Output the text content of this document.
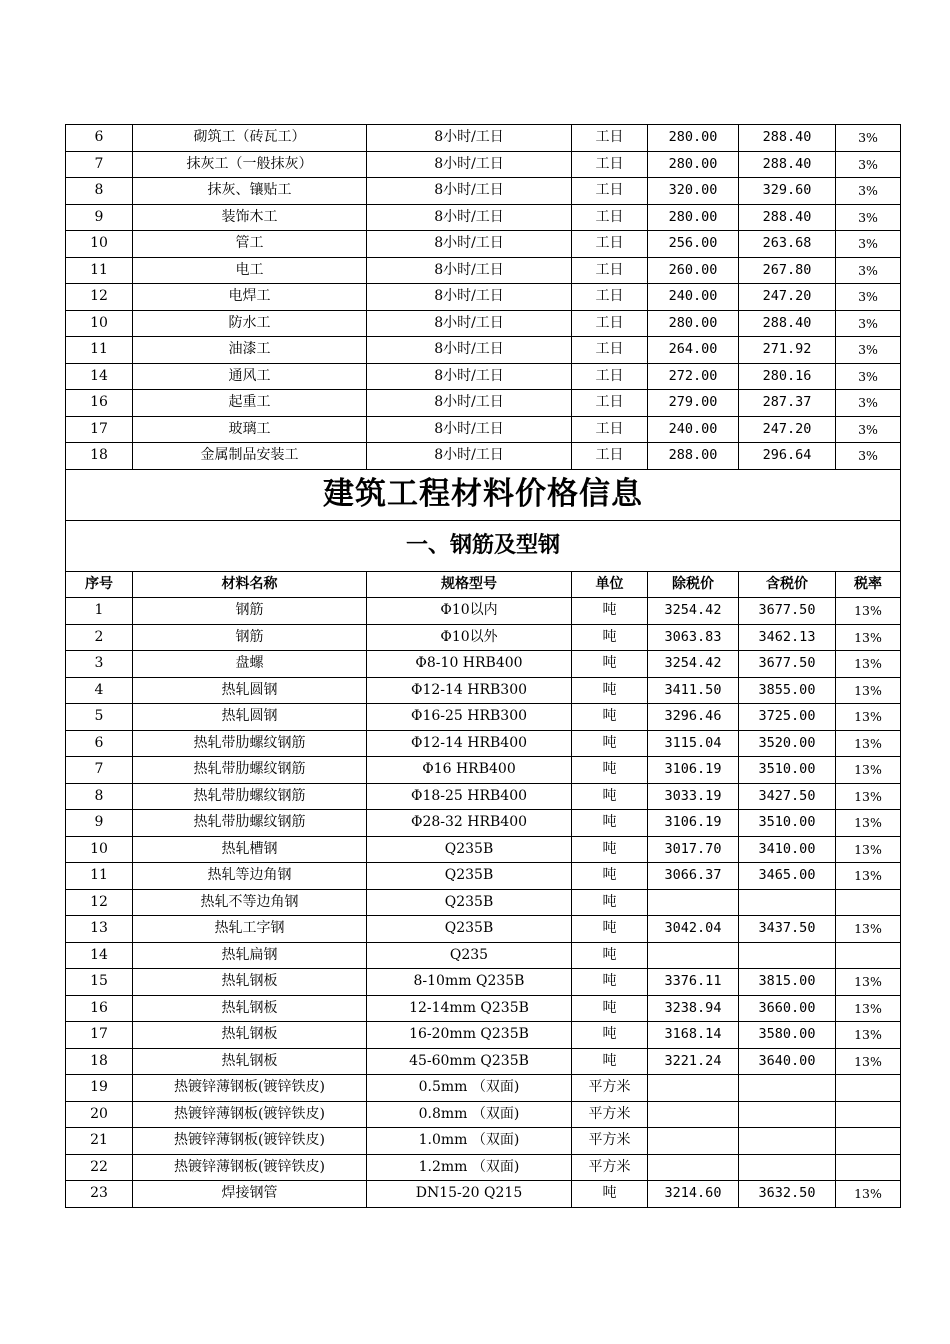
6	砌筑工（砖瓦工）	8小时/工日	工日	280.00	288.40	3%
7	抹灰工（一般抹灰）	8小时/工日	工日	280.00	288.40	3%
8	抹灰、镶贴工	8小时/工日	工日	320.00	329.60	3%
9	装饰木工	8小时/工日	工日	280.00	288.40	3%
10	管工	8小时/工日	工日	256.00	263.68	3%
11	电工	8小时/工日	工日	260.00	267.80	3%
12	电焊工	8小时/工日	工日	240.00	247.20	3%
10	防水工	8小时/工日	工日	280.00	288.40	3%
11	油漆工	8小时/工日	工日	264.00	271.92	3%
14	通风工	8小时/工日	工日	272.00	280.16	3%
16	起重工	8小时/工日	工日	279.00	287.37	3%
17	玻璃工	8小时/工日	工日	240.00	247.20	3%
18	金属制品安装工	8小时/工日	工日	288.00	296.64	3%
建筑工程材料价格信息						
一、钢筋及型钢						
序号	材料名称	规格型号	单位	除税价	含税价	税率
1	钢筋	Φ10以内	吨	3254.42	3677.50	13%
2	钢筋	Φ10以外	吨	3063.83	3462.13	13%
3	盘螺	Φ8-10 HRB400	吨	3254.42	3677.50	13%
4	热轧圆钢	Φ12-14 HRB300	吨	3411.50	3855.00	13%
5	热轧圆钢	Φ16-25 HRB300	吨	3296.46	3725.00	13%
6	热轧带肋螺纹钢筋	Φ12-14 HRB400	吨	3115.04	3520.00	13%
7	热轧带肋螺纹钢筋	Φ16 HRB400	吨	3106.19	3510.00	13%
8	热轧带肋螺纹钢筋	Φ18-25 HRB400	吨	3033.19	3427.50	13%
9	热轧带肋螺纹钢筋	Φ28-32 HRB400	吨	3106.19	3510.00	13%
10	热轧槽钢	Q235B	吨	3017.70	3410.00	13%
11	热轧等边角钢	Q235B	吨	3066.37	3465.00	13%
12	热轧不等边角钢	Q235B	吨			
13	热轧工字钢	Q235B	吨	3042.04	3437.50	13%
14	热轧扁钢	Q235	吨			
15	热轧钢板	8-10mm Q235B	吨	3376.11	3815.00	13%
16	热轧钢板	12-14mm Q235B	吨	3238.94	3660.00	13%
17	热轧钢板	16-20mm Q235B	吨	3168.14	3580.00	13%
18	热轧钢板	45-60mm Q235B	吨	3221.24	3640.00	13%
19	热镀锌薄钢板(镀锌铁皮)	0.5mm （双面)	平方米			
20	热镀锌薄钢板(镀锌铁皮)	0.8mm （双面)	平方米			
21	热镀锌薄钢板(镀锌铁皮)	1.0mm （双面)	平方米			
22	热镀锌薄钢板(镀锌铁皮)	1.2mm （双面)	平方米			
23	焊接钢管	DN15-20 Q215	吨	3214.60	3632.50	13%
